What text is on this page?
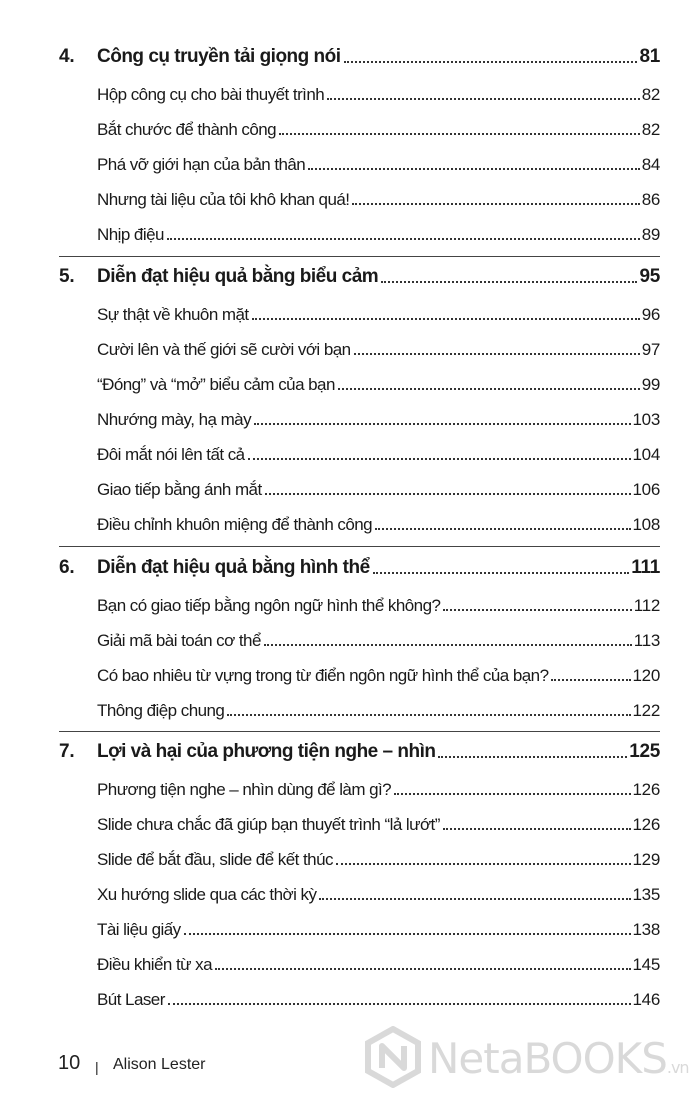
4. Công cụ truyền tải giọng nói	81
Hộp công cụ cho bài thuyết trình	82
Bắt chước để thành công	82
Phá vỡ giới hạn của bản thân	84
Nhưng tài liệu của tôi khô khan quá!	86
Nhịp điệu	89
5. Diễn đạt hiệu quả bằng biểu cảm	95
Sự thật về khuôn mặt	96
Cười lên và thế giới sẽ cười với bạn	97
“Đóng” và “mở” biểu cảm của bạn	99
Nhướng mày, hạ mày	103
Đôi mắt nói lên tất cả	104
Giao tiếp bằng ánh mắt	106
Điều chỉnh khuôn miệng để thành công	108
6. Diễn đạt hiệu quả bằng hình thể	111
Bạn có giao tiếp bằng ngôn ngữ hình thể không?	112
Giải mã bài toán cơ thể	113
Có bao nhiêu từ vựng trong từ điển ngôn ngữ hình thể của bạn?	120
Thông điệp chung	122
7. Lợi và hại của phương tiện nghe – nhìn	125
Phương tiện nghe – nhìn dùng để làm gì?	126
Slide chưa chắc đã giúp bạn thuyết trình “lả lướt”	126
Slide để bắt đầu, slide để kết thúc	129
Xu hướng slide qua các thời kỳ	135
Tài liệu giấy	138
Điều khiển từ xa	145
Bút Laser	146
10 | Alison Lester	NetaBOOKS.vn
